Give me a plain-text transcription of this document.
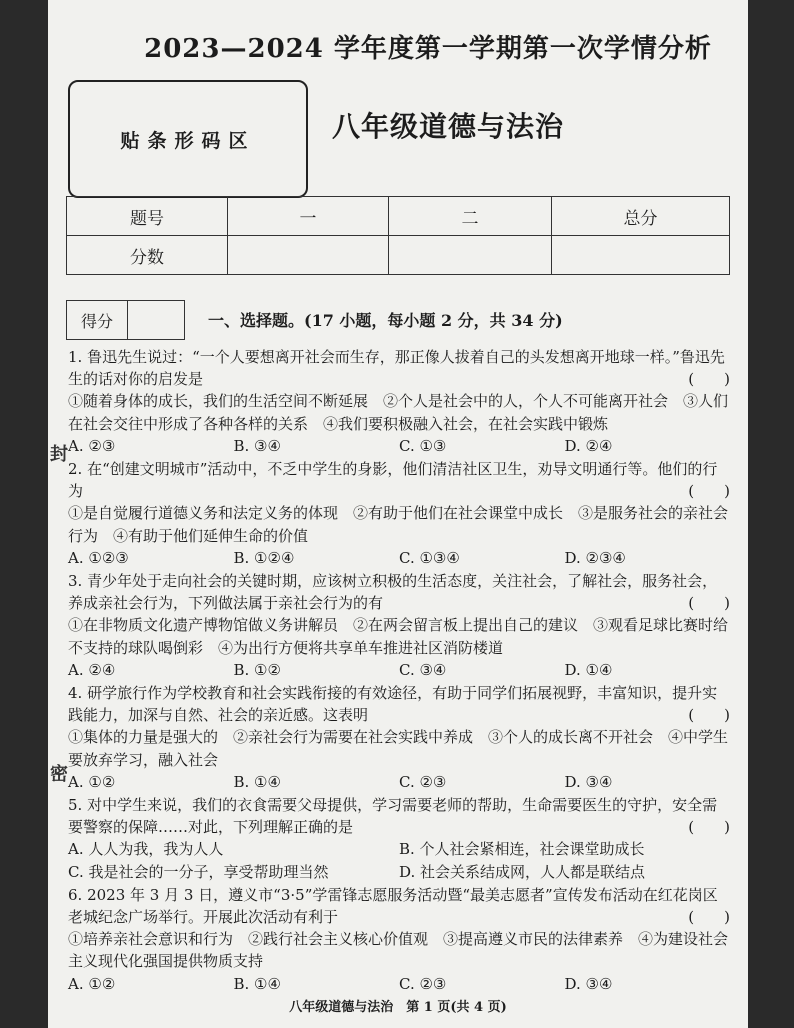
封
密
2023—2024 学年度第一学期第一次学情分析
贴条形码区	八年级道德与法治
题号	一	二	总分
分数			
得分	一、选择题。(17 小题，每小题 2 分，共 34 分)
1. 鲁迅先生说过：“一个人要想离开社会而生存，那正像人拔着自己的头发想离开地球一样。”鲁迅先生的话对你的启发是	(　　)
①随着身体的成长，我们的生活空间不断延展　②个人是社会中的人，个人不可能离开社会　③人们在社会交往中形成了各种各样的关系　④我们要积极融入社会，在社会实践中锻炼
A. ②③	B. ③④	C. ①③	D. ②④
2. 在“创建文明城市”活动中，不乏中学生的身影，他们清洁社区卫生，劝导文明通行等。他们的行为	(　　)
①是自觉履行道德义务和法定义务的体现　②有助于他们在社会课堂中成长　③是服务社会的亲社会行为　④有助于他们延伸生命的价值
A. ①②③	B. ①②④	C. ①③④	D. ②③④
3. 青少年处于走向社会的关键时期，应该树立积极的生活态度，关注社会，了解社会，服务社会，养成亲社会行为，下列做法属于亲社会行为的有	(　　)
①在非物质文化遗产博物馆做义务讲解员　②在两会留言板上提出自己的建议　③观看足球比赛时给不支持的球队喝倒彩　④为出行方便将共享单车推进社区消防楼道
A. ②④	B. ①②	C. ③④	D. ①④
4. 研学旅行作为学校教育和社会实践衔接的有效途径，有助于同学们拓展视野，丰富知识，提升实践能力，加深与自然、社会的亲近感。这表明	(　　)
①集体的力量是强大的　②亲社会行为需要在社会实践中养成　③个人的成长离不开社会　④中学生要放弃学习，融入社会
A. ①②	B. ①④	C. ②③	D. ③④
5. 对中学生来说，我们的衣食需要父母提供，学习需要老师的帮助，生命需要医生的守护，安全需要警察的保障……对此，下列理解正确的是	(　　)
A. 人人为我，我为人人	B. 个人社会紧相连，社会课堂助成长
C. 我是社会的一分子，享受帮助理当然	D. 社会关系结成网，人人都是联结点
6. 2023 年 3 月 3 日，遵义市“3·5”学雷锋志愿服务活动暨“最美志愿者”宣传发布活动在红花岗区老城纪念广场举行。开展此次活动有利于	(　　)
①培养亲社会意识和行为　②践行社会主义核心价值观　③提高遵义市民的法律素养　④为建设社会主义现代化强国提供物质支持
A. ①②	B. ①④	C. ②③	D. ③④
八年级道德与法治　第 1 页(共 4 页)
